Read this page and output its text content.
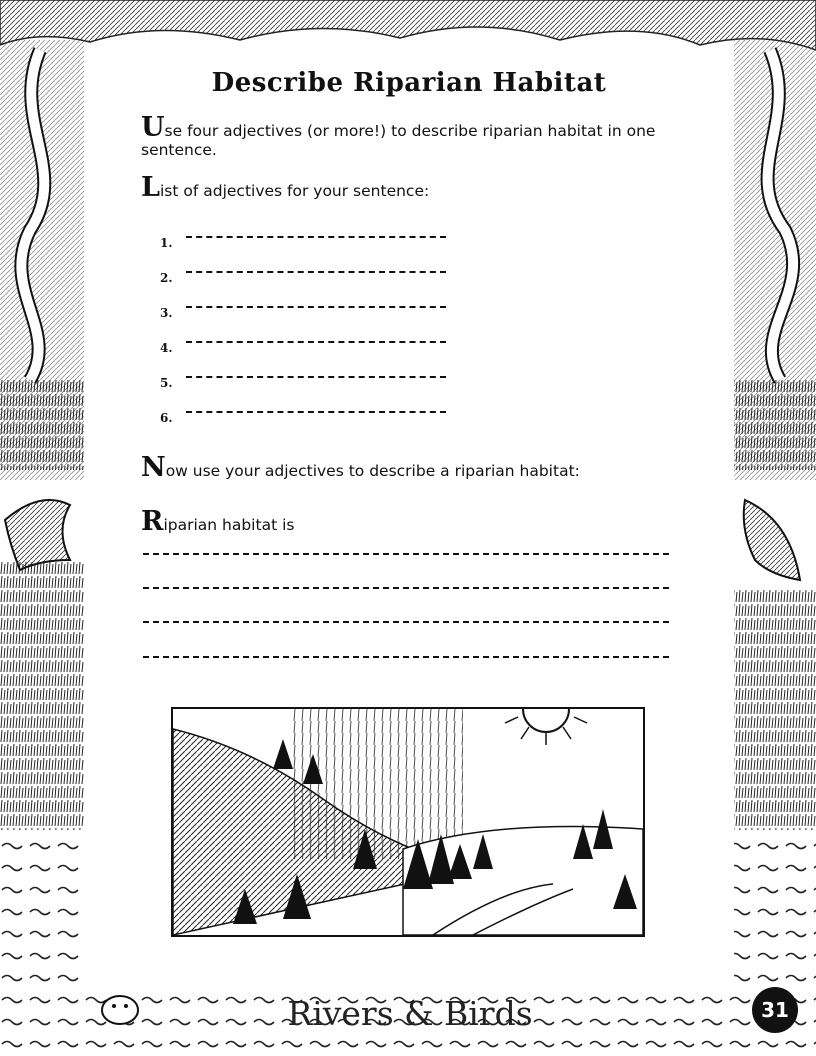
Describe Riparian Habitat
Use four adjectives (or more!) to describe riparian habitat in one sentence.
List of adjectives for your sentence:
1.
2.
3.
4.
5.
6.
Now use your adjectives to describe a riparian habitat:
Riparian habitat is
Rivers & Birds	31
